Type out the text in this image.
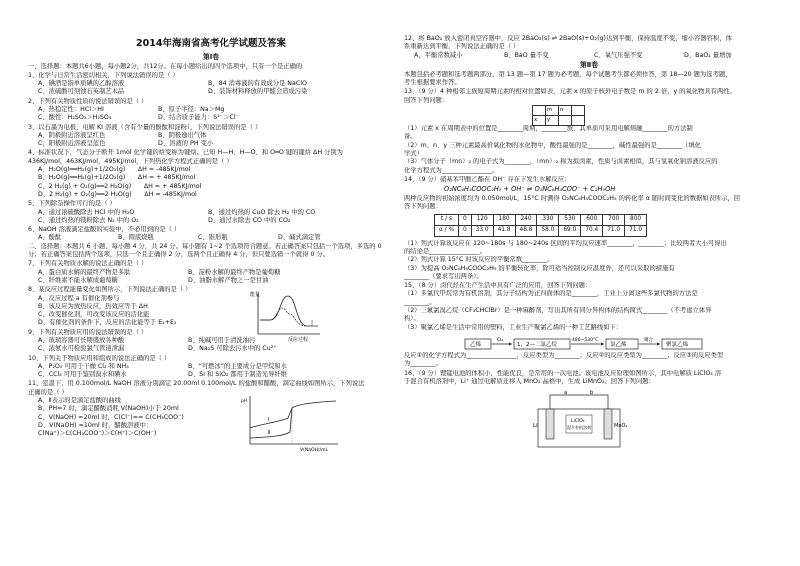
2014年海南省高考化学试题及答案
第Ⅰ卷

一、选择题：本题共6小题，每小题2分，共12分。在每小题给出的四个选项中，只有一个是正确的

1、化学与日常生活密切相关，下列说法错误的是（ ）

A、碘酒是指单质碘的乙醇溶液	B、84 消毒液的有效成分是 NaClO
C、浓硫酸可刻蚀石英制艺术品	D、装饰材料释放的甲醛会造成污染

2、下列有关物质性质的说法错误的是（ ）

A、热稳定性：HCl＞HI	B、原子半径：Na＞Mg
C、酸性：H₂SO₃＞H₂SO₄	D、结合质子能力：S²⁻＞Cl⁻

3、以石墨为电极，电解 KI 溶液（含有少量的酚酞和淀粉），下列说法错误的是（ ）

A、阴极附近溶液呈红色	B、阴极逸出气体
C、阳极附近溶液呈蓝色	D、溶液的 PH 变小

4、标准状况下，气态分子断开 1mol 化学键的焓变称为键焓。已知 H—H、H—O、和 O═O 键的键焓 ΔH 分别为

436KJ/mol，463KJ/mol，495KJ/mol，下列热化学方程式正确的是（ ）

A、H₂O(g)══H₂(g)+1/2O₂(g)　　ΔH = -485KJ/mol

B、H₂O(g)══H₂(g)+1/2O₂(g)　　ΔH = + 485KJ/mol

C、2 H₂(g) + O₂(g)══2 H₂O(g)　　ΔH = + 485KJ/mol

D、2 H₂(g) + O₂(g)══2 H₂O(g)　　ΔH = -485KJ/mol

5、下列除杂操作可行的是（ ）

A、通过浓硫酸除去 HCl 中的 H₂O	B、通过灼热的 CuO 除去 H₂ 中的 CO
C、通过灼热的镁粉除去 N₂ 中的 O₂	D、通过水除去 CO 中的 CO₂

6、NaOH 溶液滴定盐酸的实验中，不必用到的是（ ）

A、酚酞	B、圆底烧瓶	C、锥形瓶	D、碱式滴定管

二、选择题：本题共 6 小题，每小题 4 分，共 24 分。每小题有 1~2 个选项符合题意。若正确答案只包括一个选项，多选的 0

分；若正确答案包括两个选项，只选一个且正确得 2 分，选两个且正确得 4 分，但只要选错一个就得 0 分。

7、下列有关物质水解的说法正确的是（ ）

A、蛋白质水解的最终产物是多肽	B、淀粉水解的最终产物是葡萄糖
C、纤维素不能水解成葡萄糖	D、油脂水解产物之一是甘油

8、某反应过程能量变化如图所示，下列说法正确的是（ ）

A、反应过程 a 有催化剂参与

B、该反应为放热反应，热效应等于 ΔH

C、改变催化剂，可改变该反应的活化能

D、有催化剂的条件下，反应的活化能等于 E₁+E₂

能量
反应过程

9、下列有关物质应用的说法错误的是（ ）

A、玻璃容器可长期盛放各种酸	B、纯碱可用于清洗油污
C、浓氨水可检验氯气管道泄漏	D、Na₂S 可除去污水中的 Cu²⁺

10、下列关于物质应用和组成的说法正确的是（ ）

A、P₂O₅ 可用于干燥 Cl₂ 和 NH₃	B、“可燃冰”的主要成分是甲烷和水
C、CCl₄ 可用于鉴别溴水和碘水	D、Si 和 SiO₂ 都用于制造光导纤维

11、室温下，用 0.100mol/L NaOH 溶液分别滴定 20.00ml 0.100mol/L 的盐酸和醋酸，滴定曲线如图所示，下列说法

正确的是（ ）

A、Ⅱ表示的是滴定盐酸的曲线

B、PH=7 时，滴定醋酸消耗 V(NaOH)小于 20ml

C、V(NaOH) =20ml 时，C(Cl⁻)== C(CH₃COO⁻)

D、V(NaOH) =10ml 时，醋酸溶液中：

C(Na⁺)＞C(CH₃COO⁻)＞C(H⁺)＞C(OH⁻)

Ⅰ
Ⅱ
pH
V(NaOH)/mL

12、将 BaO₂ 放入密闭真空容器中，反应 2BaO₂(s) ⇌ 2BaO(s)+O₂(g)达到平衡，保持温度不变，缩小容器容积，体

系重新达到平衡，下列说法正确的是（ ）

A、平衡常数减小	B、BaO 量不变	C、氧气压强不变	D、BaO₂ 量增加
第Ⅱ卷

本题包括必考题和选考题两部分，第 13 题—第 17 题为必考题，每个试题考生都必须作答，第 18—20 题为选考题，

考生根据要求作答。

13、（9 分）4 种相邻主族短周期元素的相对位置如表，元素 x 的原子核外电子数是 m 的 2 倍，y 的氧化物具有两性。

回答下列问题：

	m	n	
x	y		

（1）元素 x 在周期表中的位置是________周期，________族，其单质可采用电解熔融________的方法制

备。

（2）m、n、y 三种元素最高价氧化物的水化物中，酸性最强的是________，碱性最强的是________（填化

学式）

（3）气体分子（mn）₂ 的电子式为________，（mn）₂ 称为拟卤素，性质与卤素相似，其与氢氧化钠溶液反应的

化学方程式为________________。

14、（9 分）硝基苯甲酸乙酯在 OH⁻ 存在下发生水解反应：

O₂NC₆H₄COOC₂H₅ + OH⁻ ⇌ O₂NC₆H₄COO⁻ + C₂H₅OH

两种反应物的初始浓度均为 0.050mol/L，15°C 时测得 O₂NC₆H₄COOC₂H₅ 的转化率 α 随时间变化的数据如表所示，回

答下列问题：

t / s	0	120	180	240	330	530	600	700	800
α / %	0	33.0	41.8	48.8	58.0	69.0	70.4	71.0	71.0

（1）列式计算该反应在 120~180s 与 180~240s 区间的平均反应速率________，________；比较两者大小可得出

的结论是________________。

（2）列式计算 15°C 时该反应的平衡常数________。

（3）为提高 O₂NC₆H₄COOC₂H₅ 的平衡转化率，除可适当控制反应温度外，还可以采取的措施有

________（要求写出两条）。

15、（8 分）卤代烃在生产生活中具有广泛的应用，回答下列问题：

（1）多氯代甲烷常为有机溶剂，其分子结构为正四面体的是________，工业上分离这些多氯代物的方法是

________。

（2）三氟氯溴乙烷（CF₃CHClBr）是一种麻醉剂，写出其所有同分异构体的结构简式________（不考虑立体异

构）。

（3）聚氯乙烯是生活中常用的塑料，工业生产聚氯乙烯的一种工艺路线如下：

乙烯
Cl₂
1，2—二氯乙烷
480~530°C
氯乙烯
聚合
聚氯乙烯

反应①的化学方程式为________________，反应类型为________；反应②的反应类型为________；反应③的反应类型

为________。

16、（9 分）锂锰电池的体积小，性能优良，是常用的一次电池。该电池反应原理如图所示，其中电解质 LiClO₄ 溶

于混合有机溶剂中，Li⁺ 通过电解质迁移入 MnO₂ 晶格中，生成 LiMnO₂。回答下列问题：

a	b
Li	MnO₂
LiClO₄
混合有机溶剂
